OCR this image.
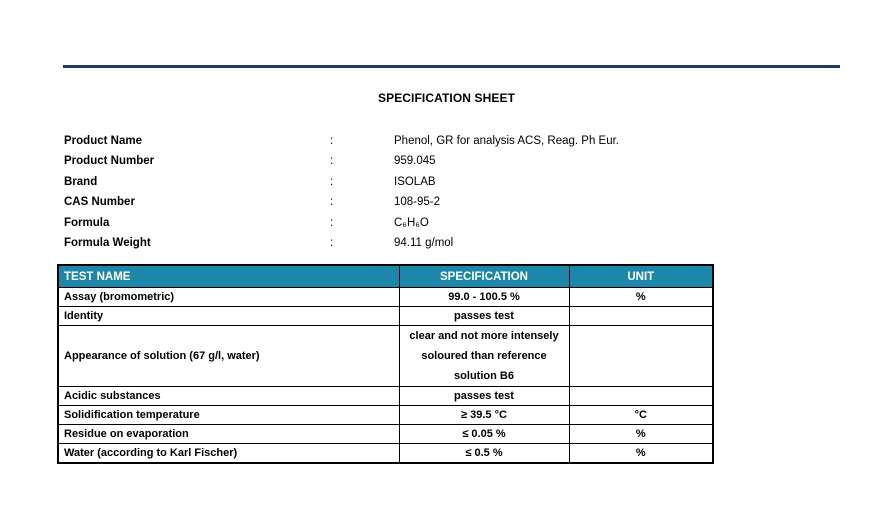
SPECIFICATION SHEET
Product Name	:	Phenol, GR for analysis ACS, Reag. Ph Eur.
Product Number	:	959.045
Brand	:	ISOLAB
CAS Number	:	108-95-2
Formula	:	C₆H₆O
Formula Weight	:	94.11 g/mol
TEST NAME	SPECIFICATION	UNIT
Assay (bromometric)	99.0 - 100.5 %	%
Identity	passes test	
Appearance of solution (67 g/l, water)	clear and not more intensely soloured than reference solution B6	
Acidic substances	passes test	
Solidification temperature	≥ 39.5 °C	°C
Residue on evaporation	≤ 0.05 %	%
Water (according to Karl Fischer)	≤ 0.5 %	%
